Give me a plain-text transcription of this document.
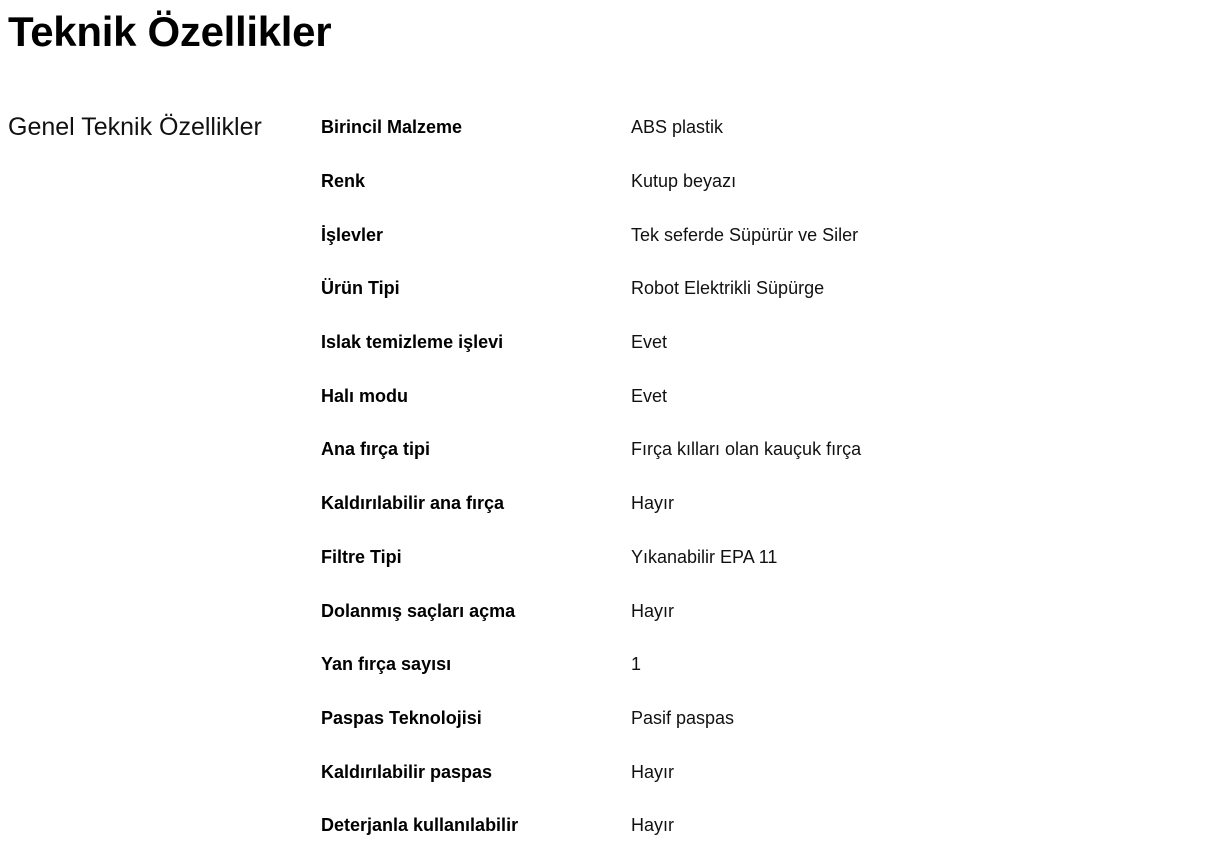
Teknik Özellikler
Genel Teknik Özellikler	Birincil Malzeme	ABS plastik
Renk	Kutup beyazı
İşlevler	Tek seferde Süpürür ve Siler
Ürün Tipi	Robot Elektrikli Süpürge
Islak temizleme işlevi	Evet
Halı modu	Evet
Ana fırça tipi	Fırça kılları olan kauçuk fırça
Kaldırılabilir ana fırça	Hayır
Filtre Tipi	Yıkanabilir EPA 11
Dolanmış saçları açma	Hayır
Yan fırça sayısı	1
Paspas Teknolojisi	Pasif paspas
Kaldırılabilir paspas	Hayır
Deterjanla kullanılabilir	Hayır
